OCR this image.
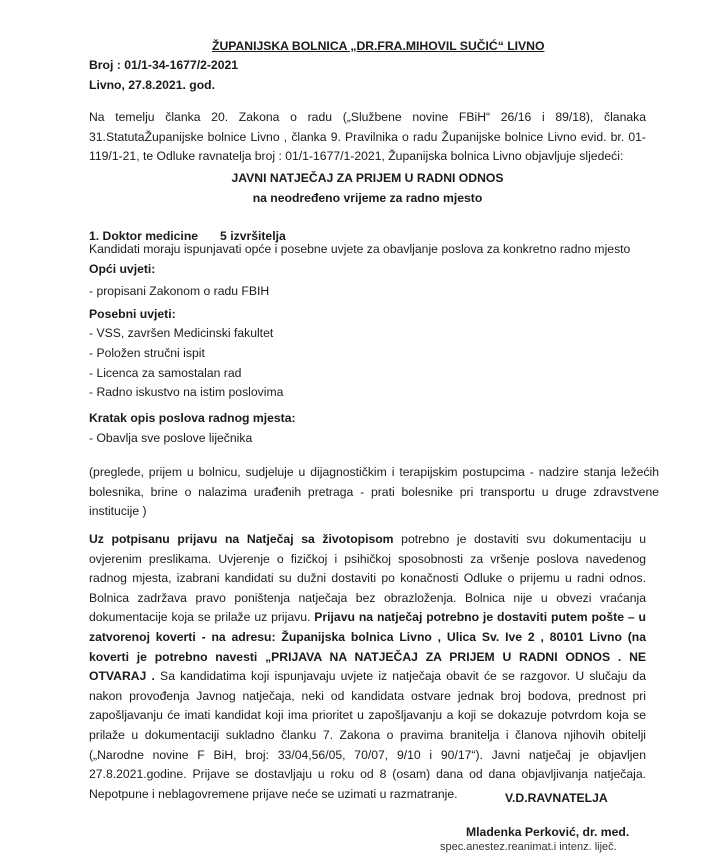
ŽUPANIJSKA BOLNICA „DR.FRA.MIHOVIL SUČIĆ“ LIVNO
Broj : 01/1-34-1677/2-2021
Livno, 27.8.2021. god.
Na temelju članka 20. Zakona o radu („Službene novine FBiH“ 26/16 i 89/18), članaka 31.StatutaŽupanijske bolnice Livno , članka 9. Pravilnika o radu Županijske bolnice Livno evid. br. 01-119/1-21, te Odluke ravnatelja broj : 01/1-1677/1-2021, Županijska bolnica Livno objavljuje sljedeći:
JAVNI NATJEČAJ ZA PRIJEM U RADNI ODNOS
na neodređeno vrijeme za radno mjesto
1. Doktor medicine 5 izvršitelja
Kandidati moraju ispunjavati opće i posebne uvjete za obavljanje poslova za konkretno radno mjesto
Opći uvjeti:
- propisani Zakonom o radu FBIH
Posebni uvjeti:
- VSS, završen Medicinski fakultet
- Položen stručni ispit
- Licenca za samostalan rad
- Radno iskustvo na istim poslovima
Kratak opis poslova radnog mjesta:
- Obavlja sve poslove liječnika
(preglede, prijem u bolnicu, sudjeluje u dijagnostičkim i terapijskim postupcima - nadzire stanja ležećih bolesnika, brine o nalazima urađenih pretraga - prati bolesnike pri transportu u druge zdravstvene institucije )
Uz potpisanu prijavu na Natječaj sa životopisom potrebno je dostaviti svu dokumentaciju u ovjerenim preslikama. Uvjerenje o fizičkoj i psihičkoj sposobnosti za vršenje poslova navedenog radnog mjesta, izabrani kandidati su dužni dostaviti po konačnosti Odluke o prijemu u radni odnos. Bolnica zadržava pravo poništenja natječaja bez obrazloženja. Bolnica nije u obvezi vraćanja dokumentacije koja se prilaže uz prijavu. Prijavu na natječaj potrebno je dostaviti putem pošte – u zatvorenoj koverti - na adresu: Županijska bolnica Livno , Ulica Sv. Ive 2 , 80101 Livno (na koverti je potrebno navesti „PRIJAVA NA NATJEČAJ ZA PRIJEM U RADNI ODNOS . NE OTVARAJ . Sa kandidatima koji ispunjavaju uvjete iz natječaja obavit će se razgovor. U slučaju da nakon provođenja Javnog natječaja, neki od kandidata ostvare jednak broj bodova, prednost pri zapošljavanju će imati kandidat koji ima prioritet u zapošljavanju a koji se dokazuje potvrdom koja se prilaže u dokumentaciji sukladno članku 7. Zakona o pravima branitelja i članova njihovih obitelji („Narodne novine F BiH, broj: 33/04,56/05, 70/07, 9/10 i 90/17“). Javni natječaj je objavljen 27.8.2021.godine. Prijave se dostavljaju u roku od 8 (osam) dana od dana objavljivanja natječaja. Nepotpune i neblagovremene prijave neće se uzimati u razmatranje.	V.D.RAVNATELJA
Mladenka Perković, dr. med.
spec.anestez.reanimat.i intenz. liječ.
